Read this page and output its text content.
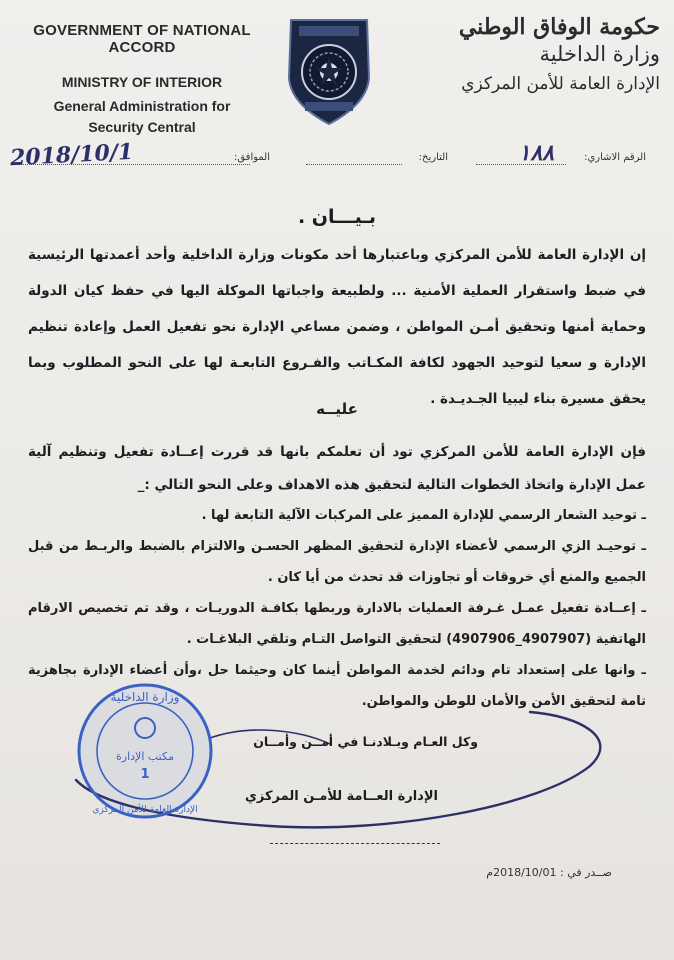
GOVERNMENT OF NATIONAL ACCORD
MINISTRY OF INTERIOR
General Administration for
Security Central
حكومة الوفاق الوطني
وزارة الداخلية
الإدارة العامة للأمن المركزي
الرقم الاشاري:
١٨٨
التاريخ:
الموافق:
2018/10/1
بـيـــان .
إن الإدارة العامة للأمن المركزي وباعتبارها أحد مكونات وزارة الداخلية وأحد أعمدتها الرئيسية في ضبط واستقرار العملية الأمنية ... ولطبيعة واجباتها الموكلة اليها في حفظ كيان الدولة وحماية أمنها وتحقيق أمـن المواطن ، وضمن مساعي الإدارة نحو تفعيل العمل وإعادة تنظيم الإدارة و سعيا لتوحيد الجهود لكافة المكـاتب والفـروع التابعـة لها على النحو المطلوب وبما يحقق مسيرة بناء ليبيا الجـديـدة .
عليــه
فإن الإدارة العامة للأمن المركزي تود أن تعلمكم بانها قد قررت إعــادة تفعيل وتنظيم آلية عمل الإدارة واتخاذ الخطوات التالية لتحقيق هذه الاهداف وعلى النحو التالي :_
ـ توحيد الشعار الرسمي للإدارة المميز على المركبات الآلية التابعة لها .
ـ توحيـد الزي الرسمي لأعضاء الإدارة لتحقيق المظهر الحسـن والالتزام بالضبط والربـط من قبل الجميع والمنع أي خروقات أو تجاوزات قد تحدث من أيا كان .
ـ إعــادة تفعيل عمـل غـرفة العمليات بالادارة وربطها بكافـة الدوريـات ، وقد تم تخصيص الارقام الهاتفية (4907907_4907906) لتحقيق التواصل التـام وتلقي البلاغـات .
ـ وانها على إستعداد تام ودائم لخدمة المواطن أينما كان وحيثما حل ،وأن أعضاء الإدارة بجاهزية تامة لتحقيق الأمن والأمان للوطن والمواطن.
وزارة الداخلية
مكتب الإدارة
1
الإدارة العامة للأمن المركزي
وكل العـام وبـلادنـا في أمــن وأمــان
الإدارة العــامة للأمـن المركزي
صــدر في : 2018/10/01م
